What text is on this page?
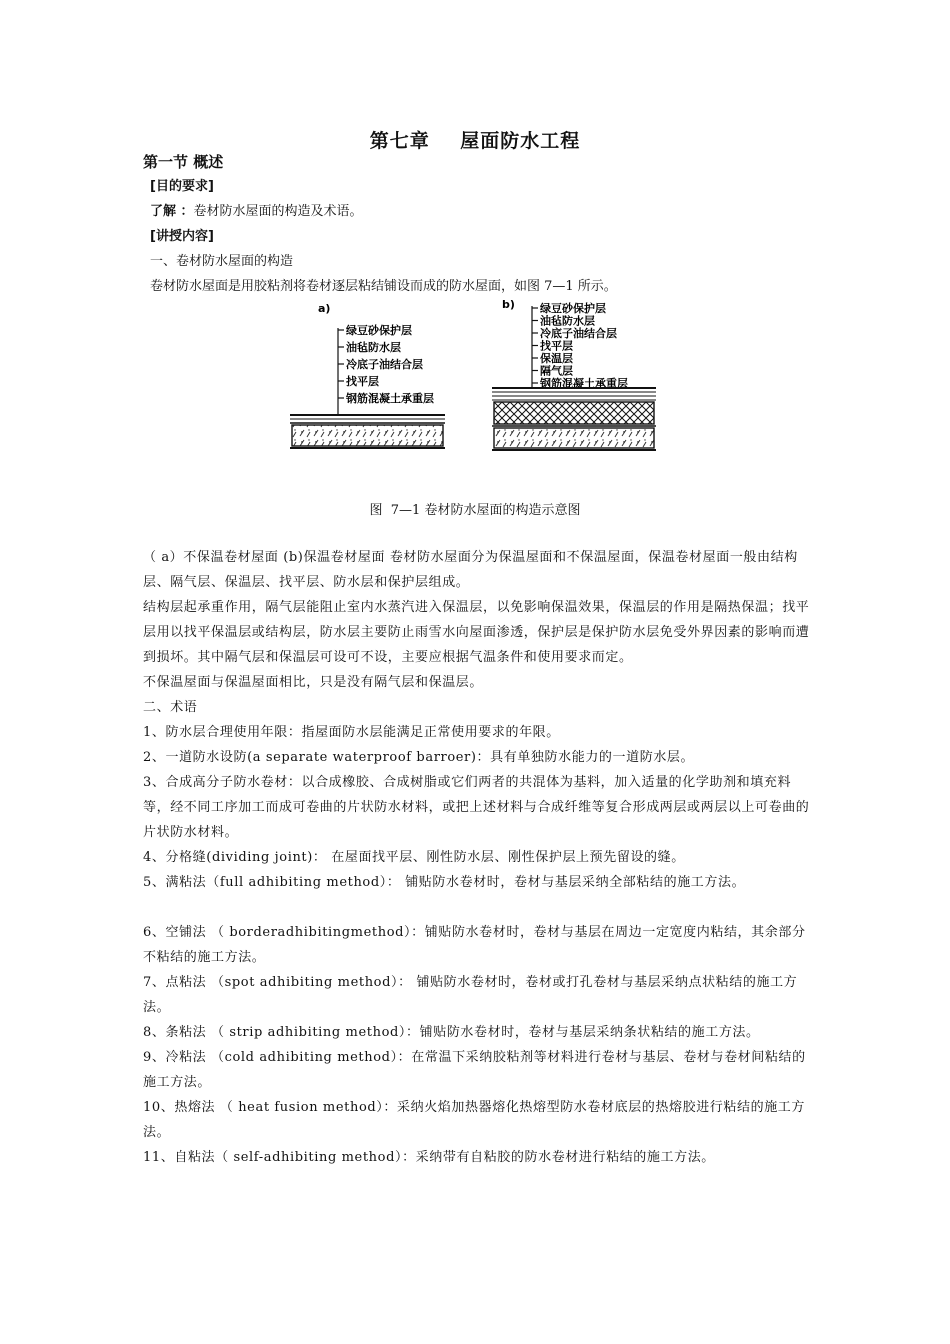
第七章    屋面防水工程
第一节 概述
[目的要求]
了解 ：卷材防水屋面的构造及术语。
[讲授内容]
一、卷材防水屋面的构造
卷材防水屋面是用胶粘剂将卷材逐层粘结铺设而成的防水屋面，如图 7—1 所示。
a)
绿豆砂保护层
油毡防水层
冷底子油结合层
找平层
钢筋混凝土承重层
b) 绿豆砂保护层
油毡防水层
冷底子油结合层
找平层
保温层
隔气层
钢筋混凝土承重层
图  7—1 卷材防水屋面的构造示意图

（ a）不保温卷材屋面 (b)保温卷材屋面 卷材防水屋面分为保温屋面和不保温屋面，保温卷材屋面一般由结构层、隔气层、保温层、找平层、防水层和保护层组成。

结构层起承重作用，隔气层能阻止室内水蒸汽进入保温层，以免影响保温效果，保温层的作用是隔热保温；找平层用以找平保温层或结构层，防水层主要防止雨雪水向屋面渗透，保护层是保护防水层免受外界因素的影响而遭到损坏。其中隔气层和保温层可设可不设，主要应根据气温条件和使用要求而定。

不保温屋面与保温屋面相比，只是没有隔气层和保温层。

二、术语

1、防水层合理使用年限：指屋面防水层能满足正常使用要求的年限。

2、一道防水设防(a separate waterproof barroer)：具有单独防水能力的一道防水层。

3、合成高分子防水卷材：以合成橡胶、合成树脂或它们两者的共混体为基料，加入适量的化学助剂和填充料等，经不同工序加工而成可卷曲的片状防水材料，或把上述材料与合成纤维等复合形成两层或两层以上可卷曲的片状防水材料。

4、分格缝(dividing joint)： 在屋面找平层、刚性防水层、刚性保护层上预先留设的缝。

5、满粘法（full adhibiting method）： 铺贴防水卷材时，卷材与基层采纳全部粘结的施工方法。

6、空铺法 （ borderadhibitingmethod）：铺贴防水卷材时，卷材与基层在周边一定宽度内粘结，其余部分不粘结的施工方法。

7、点粘法 （spot adhibiting method）： 铺贴防水卷材时，卷材或打孔卷材与基层采纳点状粘结的施工方法。

8、条粘法 （ strip adhibiting method）：铺贴防水卷材时，卷材与基层采纳条状粘结的施工方法。

9、冷粘法 （cold adhibiting method）：在常温下采纳胶粘剂等材料进行卷材与基层、卷材与卷材间粘结的施工方法。

10、热熔法 （ heat fusion method）：采纳火焰加热器熔化热熔型防水卷材底层的热熔胶进行粘结的施工方法。

11、自粘法（ self-adhibiting method）：采纳带有自粘胶的防水卷材进行粘结的施工方法。
